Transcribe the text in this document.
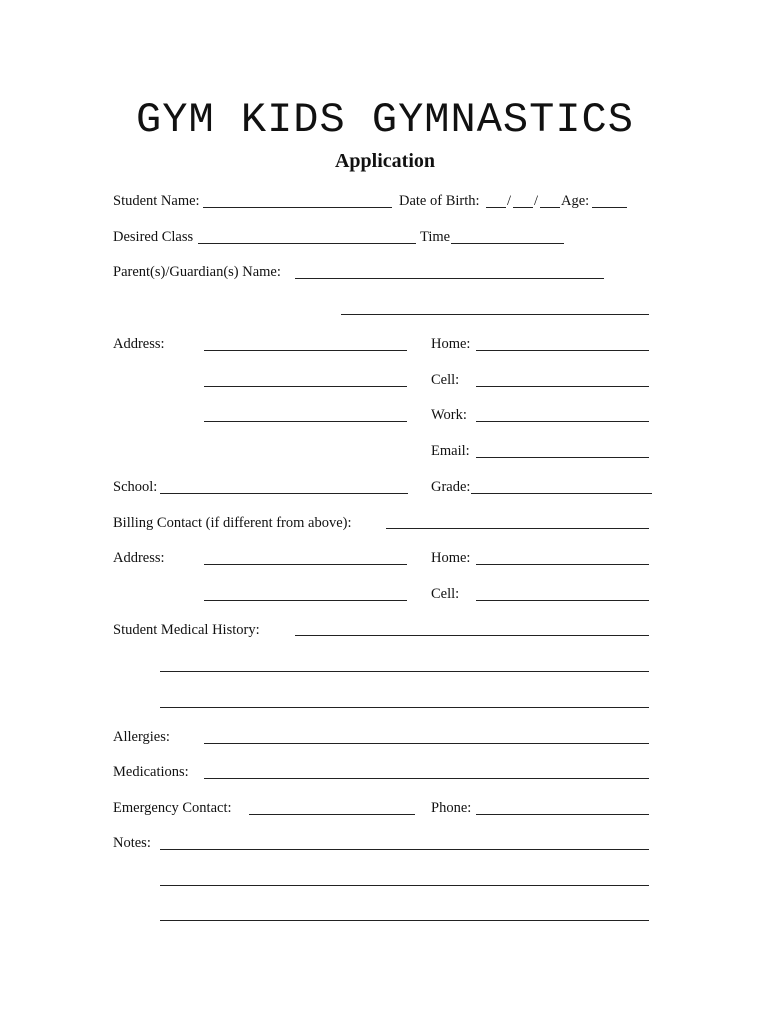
GYM KIDS GYMNASTICS
Application
Student Name:	Date of Birth: / / Age:
Desired Class	Time
Parent(s)/Guardian(s) Name:
Address:	Home:
Cell:
Work:
Email:
School:	Grade:
Billing Contact (if different from above):
Address:	Home:
Cell:
Student Medical History:
Allergies:
Medications:
Emergency Contact:	Phone:
Notes:
